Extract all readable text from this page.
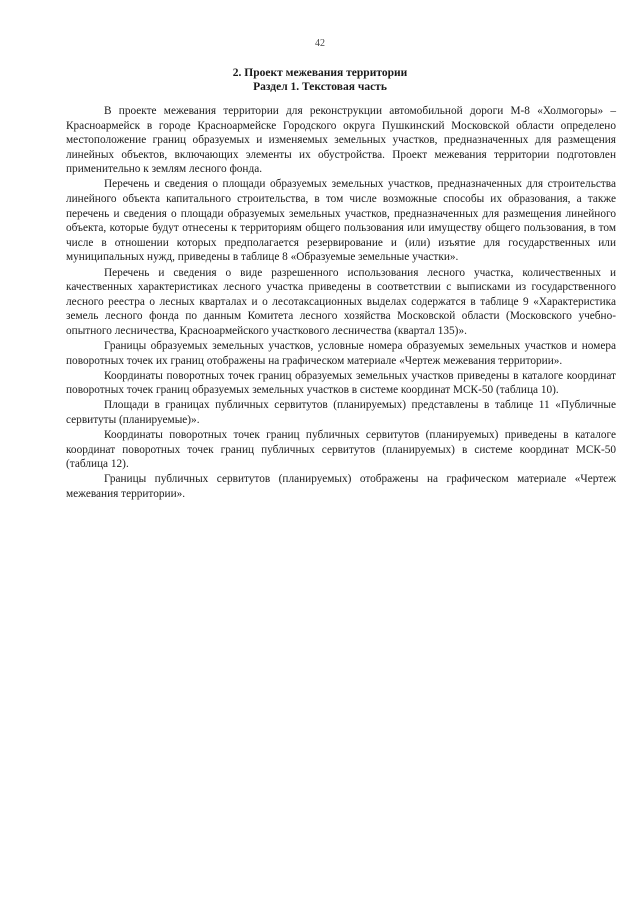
42
2. Проект межевания территории
Раздел 1. Текстовая часть

В проекте межевания территории для реконструкции автомобильной дороги М-8 «Холмогоры» – Красноармейск в городе Красноармейске Городского округа Пушкинский Московской области определено местоположение границ образуемых и изменяемых земельных участков, предназначенных для размещения линейных объектов, включающих элементы их обустройства. Проект межевания территории подготовлен применительно к землям лесного фонда.

Перечень и сведения о площади образуемых земельных участков, предназначенных для строительства линейного объекта капитального строительства, в том числе возможные способы их образования, а также перечень и сведения о площади образуемых земельных участков, предназначенных для размещения линейного объекта, которые будут отнесены к территориям общего пользования или имуществу общего пользования, в том числе в отношении которых предполагается резервирование и (или) изъятие для государственных или муниципальных нужд, приведены в таблице 8 «Образуемые земельные участки».

Перечень и сведения о виде разрешенного использования лесного участка, количественных и качественных характеристиках лесного участка приведены в соответствии с выписками из государственного лесного реестра о лесных кварталах и о лесотаксационных выделах содержатся в таблице 9 «Характеристика земель лесного фонда по данным Комитета лесного хозяйства Московской области (Московского учебно-опытного лесничества, Красноармейского участкового лесничества (квартал 135)».

Границы образуемых земельных участков, условные номера образуемых земельных участков и номера поворотных точек их границ отображены на графическом материале «Чертеж межевания территории».

Координаты поворотных точек границ образуемых земельных участков приведены в каталоге координат поворотных точек границ образуемых земельных участков в системе координат МСК-50 (таблица 10).

Площади в границах публичных сервитутов (планируемых) представлены в таблице 11 «Публичные сервитуты (планируемые)».

Координаты поворотных точек границ публичных сервитутов (планируемых) приведены в каталоге координат поворотных точек границ публичных сервитутов (планируемых) в системе координат МСК-50 (таблица 12).

Границы публичных сервитутов (планируемых) отображены на графическом материале «Чертеж межевания территории».
